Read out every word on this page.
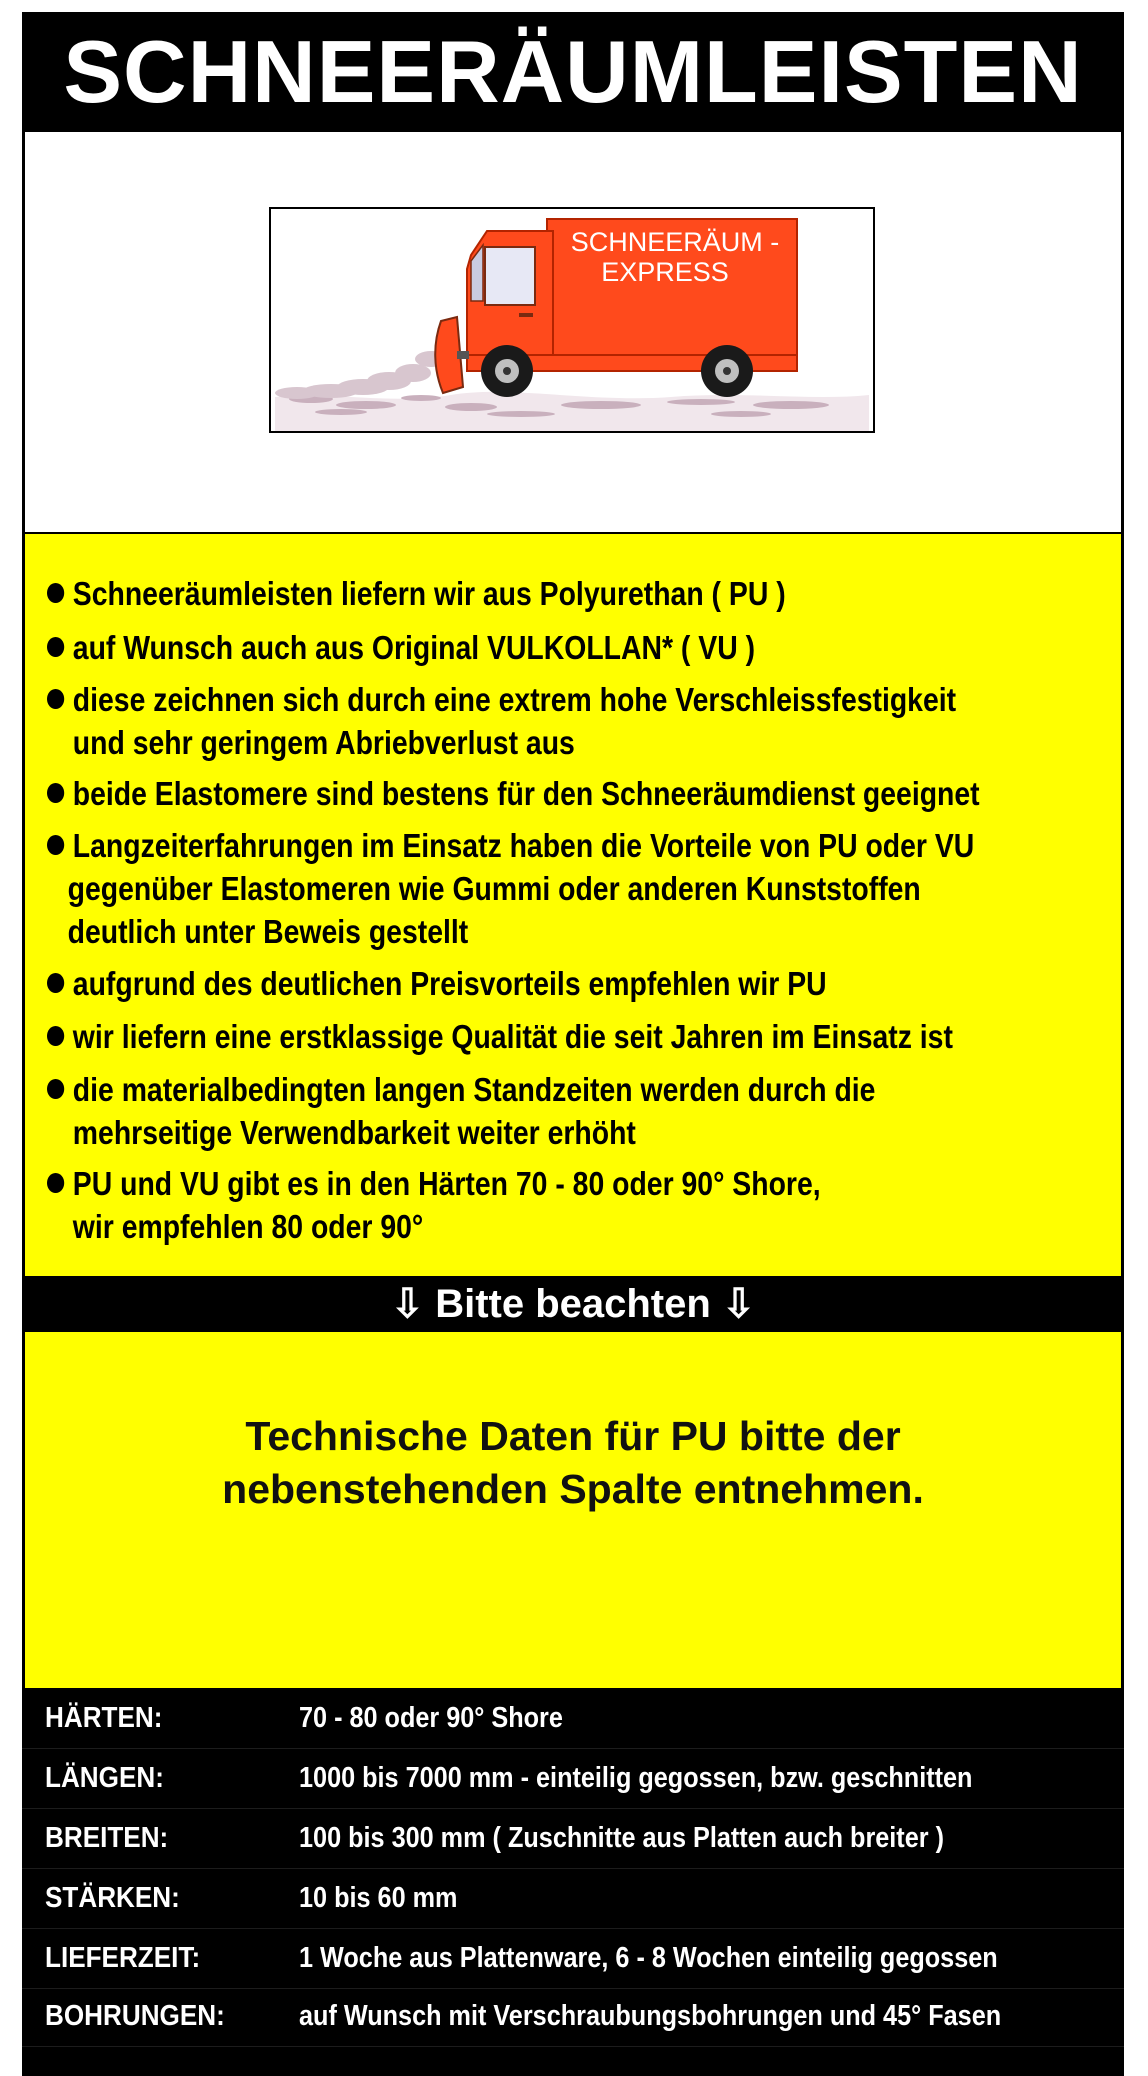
SCHNEERÄUMLEISTEN
SCHNEERÄUM -
EXPRESS
Schneeräumleisten liefern wir aus Polyurethan ( PU )
auf Wunsch auch aus Original VULKOLLAN* ( VU )
diese zeichnen sich durch eine extrem hohe Verschleissfestigkeit
und sehr geringem Abriebverlust aus
beide Elastomere sind bestens für den Schneeräumdienst geeignet
Langzeiterfahrungen im Einsatz haben die Vorteile von PU oder VU
gegenüber Elastomeren wie Gummi oder anderen Kunststoffen
deutlich unter Beweis gestellt
aufgrund des deutlichen Preisvorteils empfehlen wir PU
wir liefern eine erstklassige Qualität die seit Jahren im Einsatz ist
die materialbedingten langen Standzeiten werden durch die
mehrseitige Verwendbarkeit weiter erhöht
PU und VU gibt es in den Härten 70 - 80 oder 90° Shore,
wir empfehlen 80 oder 90°
⇩ Bitte beachten ⇩
Technische Daten für PU bitte der
nebenstehenden Spalte entnehmen.
HÄRTEN:	70 - 80 oder 90° Shore
LÄNGEN:	1000 bis 7000 mm - einteilig gegossen, bzw. geschnitten
BREITEN:	100 bis 300 mm ( Zuschnitte aus Platten auch breiter )
STÄRKEN:	10 bis 60 mm
LIEFERZEIT:	1 Woche aus Plattenware, 6 - 8 Wochen einteilig gegossen
BOHRUNGEN:	auf Wunsch mit Verschraubungsbohrungen und 45° Fasen
